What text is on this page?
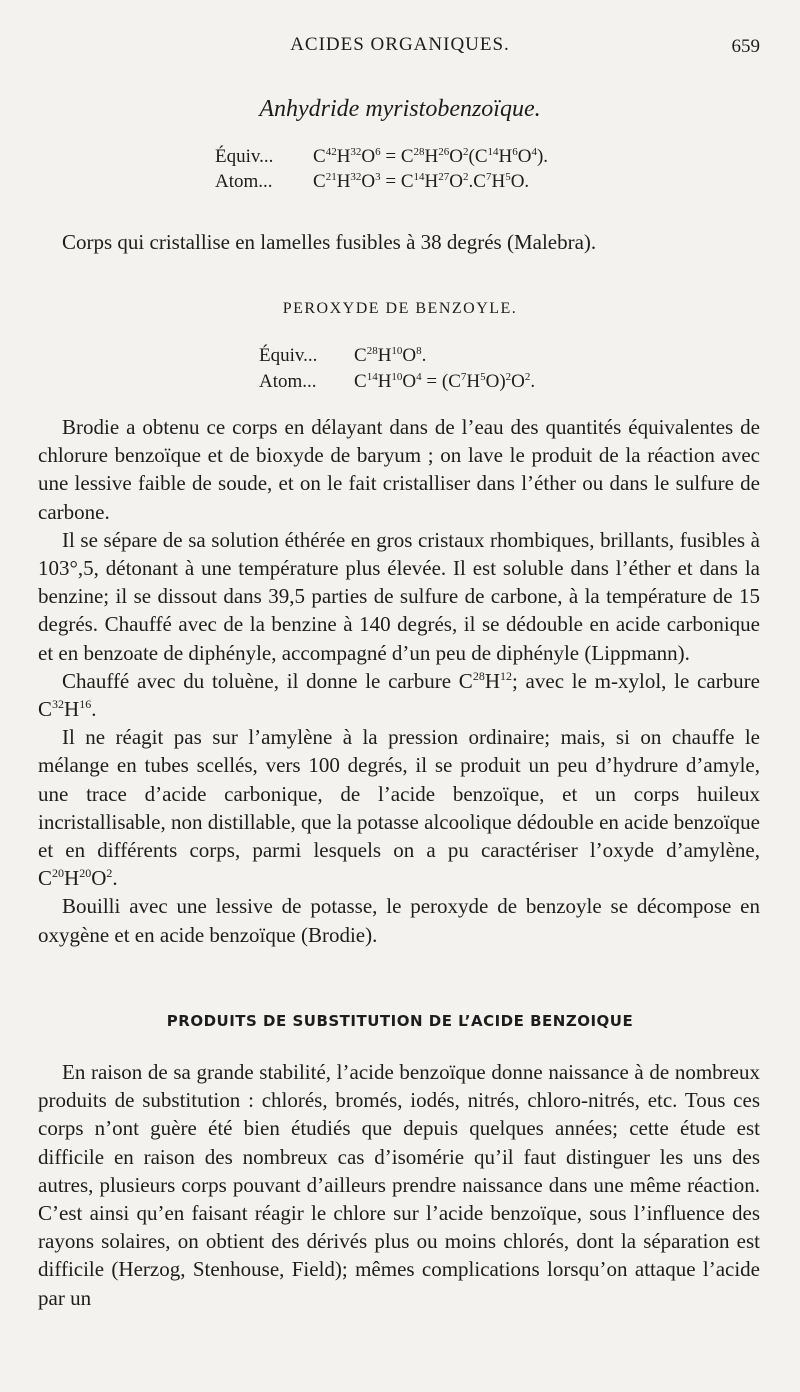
ACIDES ORGANIQUES.	659
Anhydride myristobenzoïque.
Équiv... $C^{42}H^{32}O^6 = C^{28}H^{26}O^2(C^{14}H^6O^4)$.
Atom... $C^{21}H^{32}O^3 = C^{14}H^{27}O^2.C^7H^5O$.
Corps qui cristallise en lamelles fusibles à 38 degrés (Malebra).
PEROXYDE DE BENZOYLE.
Équiv... $C^{28}H^{10}O^8$.
Atom... $C^{14}H^{10}O^4 = (C^7H^5O)^2O^2$.

Brodie a obtenu ce corps en délayant dans de l’eau des quantités équivalentes de chlorure benzoïque et de bioxyde de baryum ; on lave le produit de la réaction avec une lessive faible de soude, et on le fait cristalliser dans l’éther ou dans le sulfure de carbone.

Il se sépare de sa solution éthérée en gros cristaux rhombiques, brillants, fusibles à 103°,5, détonant à une température plus élevée. Il est soluble dans l’éther et dans la benzine; il se dissout dans 39,5 parties de sulfure de carbone, à la température de 15 degrés. Chauffé avec de la benzine à 140 degrés, il se dédouble en acide carbonique et en benzoate de diphényle, accompagné d’un peu de diphényle (Lippmann).

Chauffé avec du toluène, il donne le carbure $C^{28}H^{12}$; avec le m-xylol, le carbure $C^{32}H^{16}$.

Il ne réagit pas sur l’amylène à la pression ordinaire; mais, si on chauffe le mélange en tubes scellés, vers 100 degrés, il se produit un peu d’hydrure d’amyle, une trace d’acide carbonique, de l’acide benzoïque, et un corps huileux incristallisable, non distillable, que la potasse alcoolique dédouble en acide benzoïque et en différents corps, parmi lesquels on a pu caractériser l’oxyde d’amylène, $C^{20}H^{20}O^2$.

Bouilli avec une lessive de potasse, le peroxyde de benzoyle se décompose en oxygène et en acide benzoïque (Brodie).

PRODUITS DE SUBSTITUTION DE L’ACIDE BENZOIQUE

En raison de sa grande stabilité, l’acide benzoïque donne naissance à de nombreux produits de substitution : chlorés, bromés, iodés, nitrés, chloro-nitrés, etc. Tous ces corps n’ont guère été bien étudiés que depuis quelques années; cette étude est difficile en raison des nombreux cas d’isomérie qu’il faut distinguer les uns des autres, plusieurs corps pouvant d’ailleurs prendre naissance dans une même réaction. C’est ainsi qu’en faisant réagir le chlore sur l’acide benzoïque, sous l’influence des rayons solaires, on obtient des dérivés plus ou moins chlorés, dont la séparation est difficile (Herzog, Stenhouse, Field); mêmes complications lorsqu’on attaque l’acide par un
